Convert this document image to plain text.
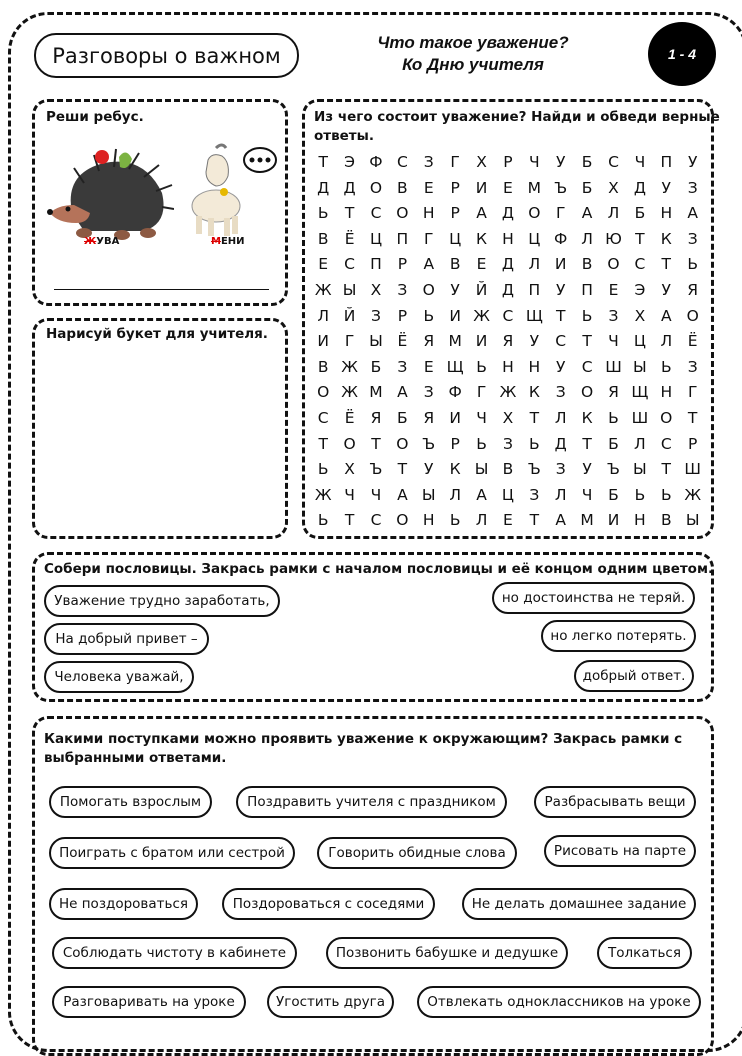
Разговоры о важном
Что такое уважение?
Ко Дню учителя
1 - 4
Реши ребус.
ЖУВА	МЕНИ
Нарисуй букет для учителя.
Из чего состоит уважение? Найди и обведи верные
ответы.
Т	Э Ф С	З	Г	Х	Р	Ч	У	Б	С	Ч П	У
Д Д О В	Е	Р	И	Е М Ъ Б	Х Д	У	З
Ь	Т	С О Н	Р	А Д О	Г	А Л Б Н А
В	Ё Ц П	Г	Ц К Н Ц Ф Л Ю Т	К	З
Е	С П	Р	А	В	Е Д Л И В О С	Т	Ь
Ж Ы Х	З О	У	Й Д П	У	П	Е	Э	У	Я
Л Й	З	Р	Ь И Ж С Щ Т	Ь	З	Х	А О
И	Г Ы Ё	Я М И Я	У	С	Т	Ч Ц Л	Ё
В Ж Б	З	Е Щ Ь Н Н	У	С Ш Ы Ь	З
О Ж М А	З Ф Г Ж К	З О Я Щ Н	Г
С	Ё	Я	Б	Я И Ч	Х	Т	Л К	Ь Ш О	Т
Т	О	Т	О Ъ Р	Ь	З	Ь Д	Т	Б Л С	Р
Ь	Х Ъ Т	У	К Ы В Ъ З	У Ъ Ы Т Ш
Ж Ч	Ч	А Ы Л А Ц З	Л Ч	Б	Ь	Ь Ж
Ь	Т	С О Н Ь Л	Е	Т	А М И Н В Ы
Собери пословицы. Закрась рамки с началом пословицы и её концом одним цветом.
Уважение трудно заработать,
На добрый привет –
Человека уважай,
но достоинства не теряй.
но легко потерять.
добрый ответ.
Какими поступками можно проявить уважение к окружающим? Закрась рамки с
выбранными ответами.
Помогать взрослым	Поздравить учителя с праздником	Разбрасывать вещи
Поиграть с братом или сестрой	Говорить обидные слова	Рисовать на парте
Не поздороваться	Поздороваться с соседями	Не делать домашнее задание
Соблюдать чистоту в кабинете	Позвонить бабушке и дедушке	Толкаться
Разговаривать на уроке	Угостить друга	Отвлекать одноклассников на уроке
